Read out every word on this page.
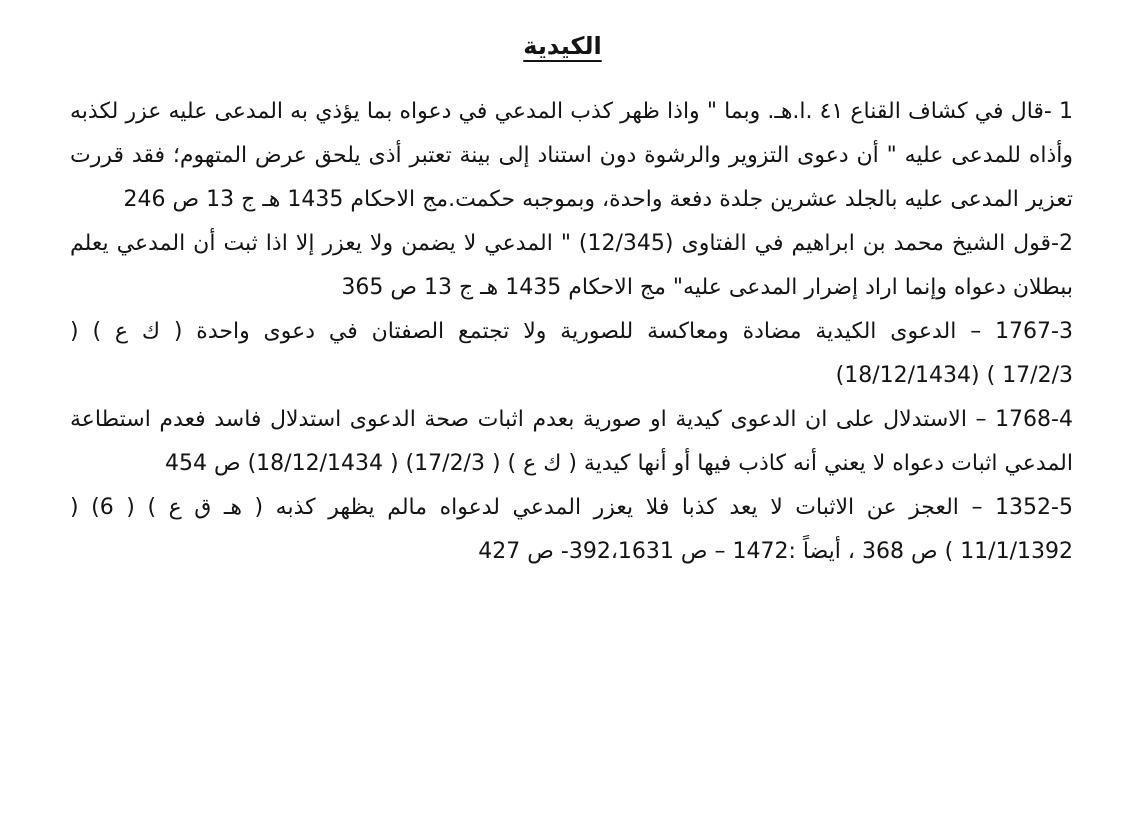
الكيدية

1 -قال في كشاف القناع ٤١ .ا.هـ. وبما " واذا ظهر كذب المدعي في دعواه بما يؤذي به المدعى عليه عزر لكذبه وأذاه للمدعى عليه " أن دعوى التزوير والرشوة دون استناد إلى بينة تعتبر أذى يلحق عرض المتهوم؛ فقد قررت تعزير المدعى عليه بالجلد عشرين جلدة دفعة واحدة، وبموجبه حكمت.مج الاحكام 1435 هـ ج 13 ص 246

2-قول الشيخ محمد بن ابراهيم في الفتاوى (12/345) " المدعي لا يضمن ولا يعزر إلا اذا ثبت أن المدعي يعلم ببطلان دعواه وإنما اراد إضرار المدعى عليه" مج الاحكام 1435 هـ ج 13 ص 365

1767-3 – الدعوى الكيدية مضادة ومعاكسة للصورية ولا تجتمع الصفتان في دعوى واحدة ( ك ع ) ( 17/2/3 ) (18/12/1434)

1768-4 – الاستدلال على ان الدعوى كيدية او صورية بعدم اثبات صحة الدعوى استدلال فاسد فعدم استطاعة المدعي اثبات دعواه لا يعني أنه كاذب فيها أو أنها كيدية ( ك ع ) ( 17/2/3) ( 18/12/1434) ص 454

1352-5 – العجز عن الاثبات لا يعد كذبا فلا يعزر المدعي لدعواه مالم يظهر كذبه ( هـ ق ع ) ( 6) ( 11/1/1392 ) ص 368 ، أيضاً :1472 – ص 392،1631- ص 427
